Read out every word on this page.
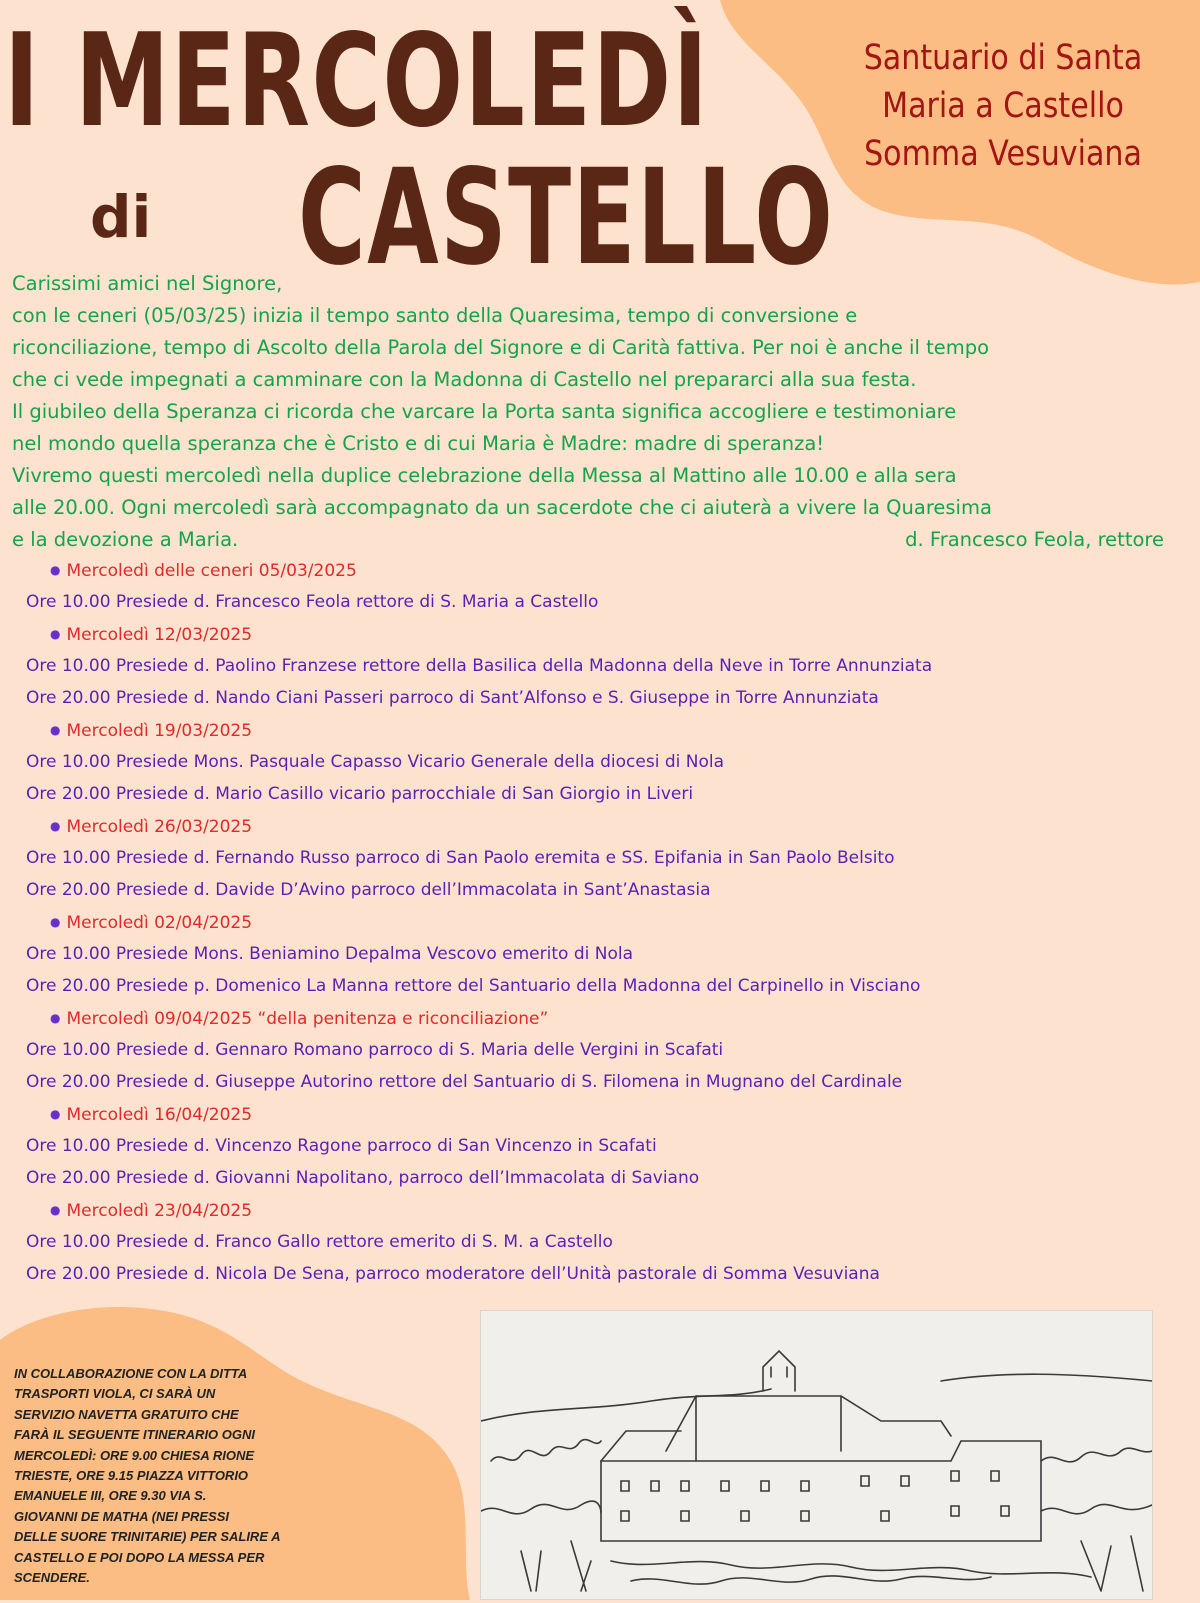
I MERCOLEDÌ
di CASTELLO
Santuario di Santa
Maria a Castello
Somma Vesuviana
Carissimi amici nel Signore,
con le ceneri (05/03/25) inizia il tempo santo della Quaresima, tempo di conversione e
riconciliazione, tempo di Ascolto della Parola del Signore e di Carità fattiva. Per noi è anche il tempo
che ci vede impegnati a camminare con la Madonna di Castello nel prepararci alla sua festa.
Il giubileo della Speranza ci ricorda che varcare la Porta santa significa accogliere e testimoniare
nel mondo quella speranza che è Cristo e di cui Maria è Madre: madre di speranza!
Vivremo questi mercoledì nella duplice celebrazione della Messa al Mattino alle 10.00 e alla sera
alle 20.00. Ogni mercoledì sarà accompagnato da un sacerdote che ci aiuterà a vivere la Quaresima
e la devozione a Maria.	d. Francesco Feola, rettore
● Mercoledì delle ceneri 05/03/2025
Ore 10.00 Presiede d. Francesco Feola rettore di S. Maria a Castello
● Mercoledì 12/03/2025
Ore 10.00 Presiede d. Paolino Franzese rettore della Basilica della Madonna della Neve in Torre Annunziata
Ore 20.00 Presiede d. Nando Ciani Passeri parroco di Sant’Alfonso e S. Giuseppe in Torre Annunziata
● Mercoledì 19/03/2025
Ore 10.00 Presiede Mons. Pasquale Capasso Vicario Generale della diocesi di Nola
Ore 20.00 Presiede d. Mario Casillo vicario parrocchiale di San Giorgio in Liveri
● Mercoledì 26/03/2025
Ore 10.00 Presiede d. Fernando Russo parroco di San Paolo eremita e SS. Epifania in San Paolo Belsito
Ore 20.00 Presiede d. Davide D’Avino parroco dell’Immacolata in Sant’Anastasia
● Mercoledì 02/04/2025
Ore 10.00 Presiede Mons. Beniamino Depalma Vescovo emerito di Nola
Ore 20.00 Presiede p. Domenico La Manna rettore del Santuario della Madonna del Carpinello in Visciano
● Mercoledì 09/04/2025 “della penitenza e riconciliazione”
Ore 10.00 Presiede d. Gennaro Romano parroco di S. Maria delle Vergini in Scafati
Ore 20.00 Presiede d. Giuseppe Autorino rettore del Santuario di S. Filomena in Mugnano del Cardinale
● Mercoledì 16/04/2025
Ore 10.00 Presiede d. Vincenzo Ragone parroco di San Vincenzo in Scafati
Ore 20.00 Presiede d. Giovanni Napolitano, parroco dell’Immacolata di Saviano
● Mercoledì 23/04/2025
Ore 10.00 Presiede d. Franco Gallo rettore emerito di S. M. a Castello
Ore 20.00 Presiede d. Nicola De Sena, parroco moderatore dell’Unità pastorale di Somma Vesuviana
IN COLLABORAZIONE CON LA DITTA
TRASPORTI VIOLA, CI SARÀ UN
SERVIZIO NAVETTA GRATUITO CHE
FARÀ IL SEGUENTE ITINERARIO OGNI
MERCOLEDÌ: ORE 9.00 CHIESA RIONE
TRIESTE, ORE 9.15 PIAZZA VITTORIO
EMANUELE III, ORE 9.30 VIA S.
GIOVANNI DE MATHA (NEI PRESSI
DELLE SUORE TRINITARIE) PER SALIRE A
CASTELLO E POI DOPO LA MESSA PER
SCENDERE.
